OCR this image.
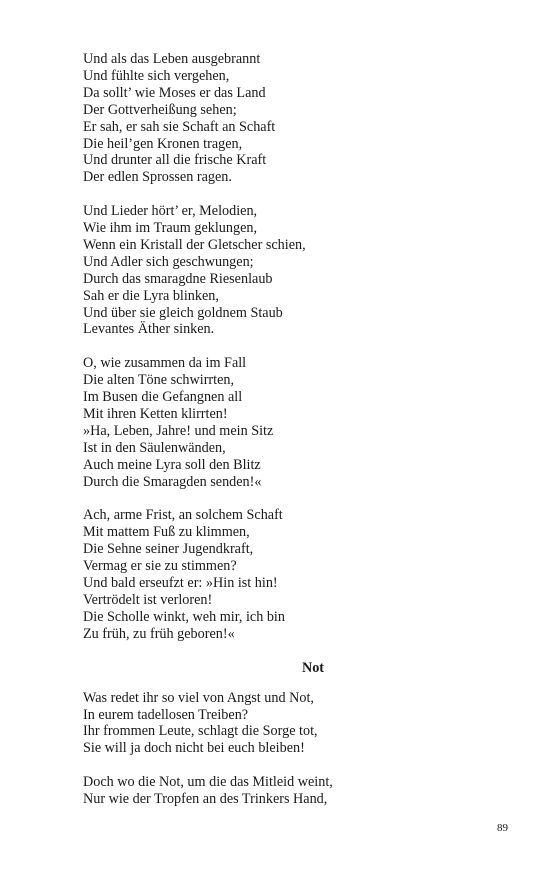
Und als das Leben ausgebrannt
Und fühlte sich vergehen,
Da sollt’ wie Moses er das Land
Der Gottverheißung sehen;
Er sah, er sah sie Schaft an Schaft
Die heil’gen Kronen tragen,
Und drunter all die frische Kraft
Der edlen Sprossen ragen.
Und Lieder hört’ er, Melodien,
Wie ihm im Traum geklungen,
Wenn ein Kristall der Gletscher schien,
Und Adler sich geschwungen;
Durch das smaragdne Riesenlaub
Sah er die Lyra blinken,
Und über sie gleich goldnem Staub
Levantes Äther sinken.
O, wie zusammen da im Fall
Die alten Töne schwirrten,
Im Busen die Gefangnen all
Mit ihren Ketten klirrten!
»Ha, Leben, Jahre! und mein Sitz
Ist in den Säulenwänden,
Auch meine Lyra soll den Blitz
Durch die Smaragden senden!«
Ach, arme Frist, an solchem Schaft
Mit mattem Fuß zu klimmen,
Die Sehne seiner Jugendkraft,
Vermag er sie zu stimmen?
Und bald erseufzt er: »Hin ist hin!
Vertrödelt ist verloren!
Die Scholle winkt, weh mir, ich bin
Zu früh, zu früh geboren!«
Not
Was redet ihr so viel von Angst und Not,
In eurem tadellosen Treiben?
Ihr frommen Leute, schlagt die Sorge tot,
Sie will ja doch nicht bei euch bleiben!
Doch wo die Not, um die das Mitleid weint,
Nur wie der Tropfen an des Trinkers Hand,
89
